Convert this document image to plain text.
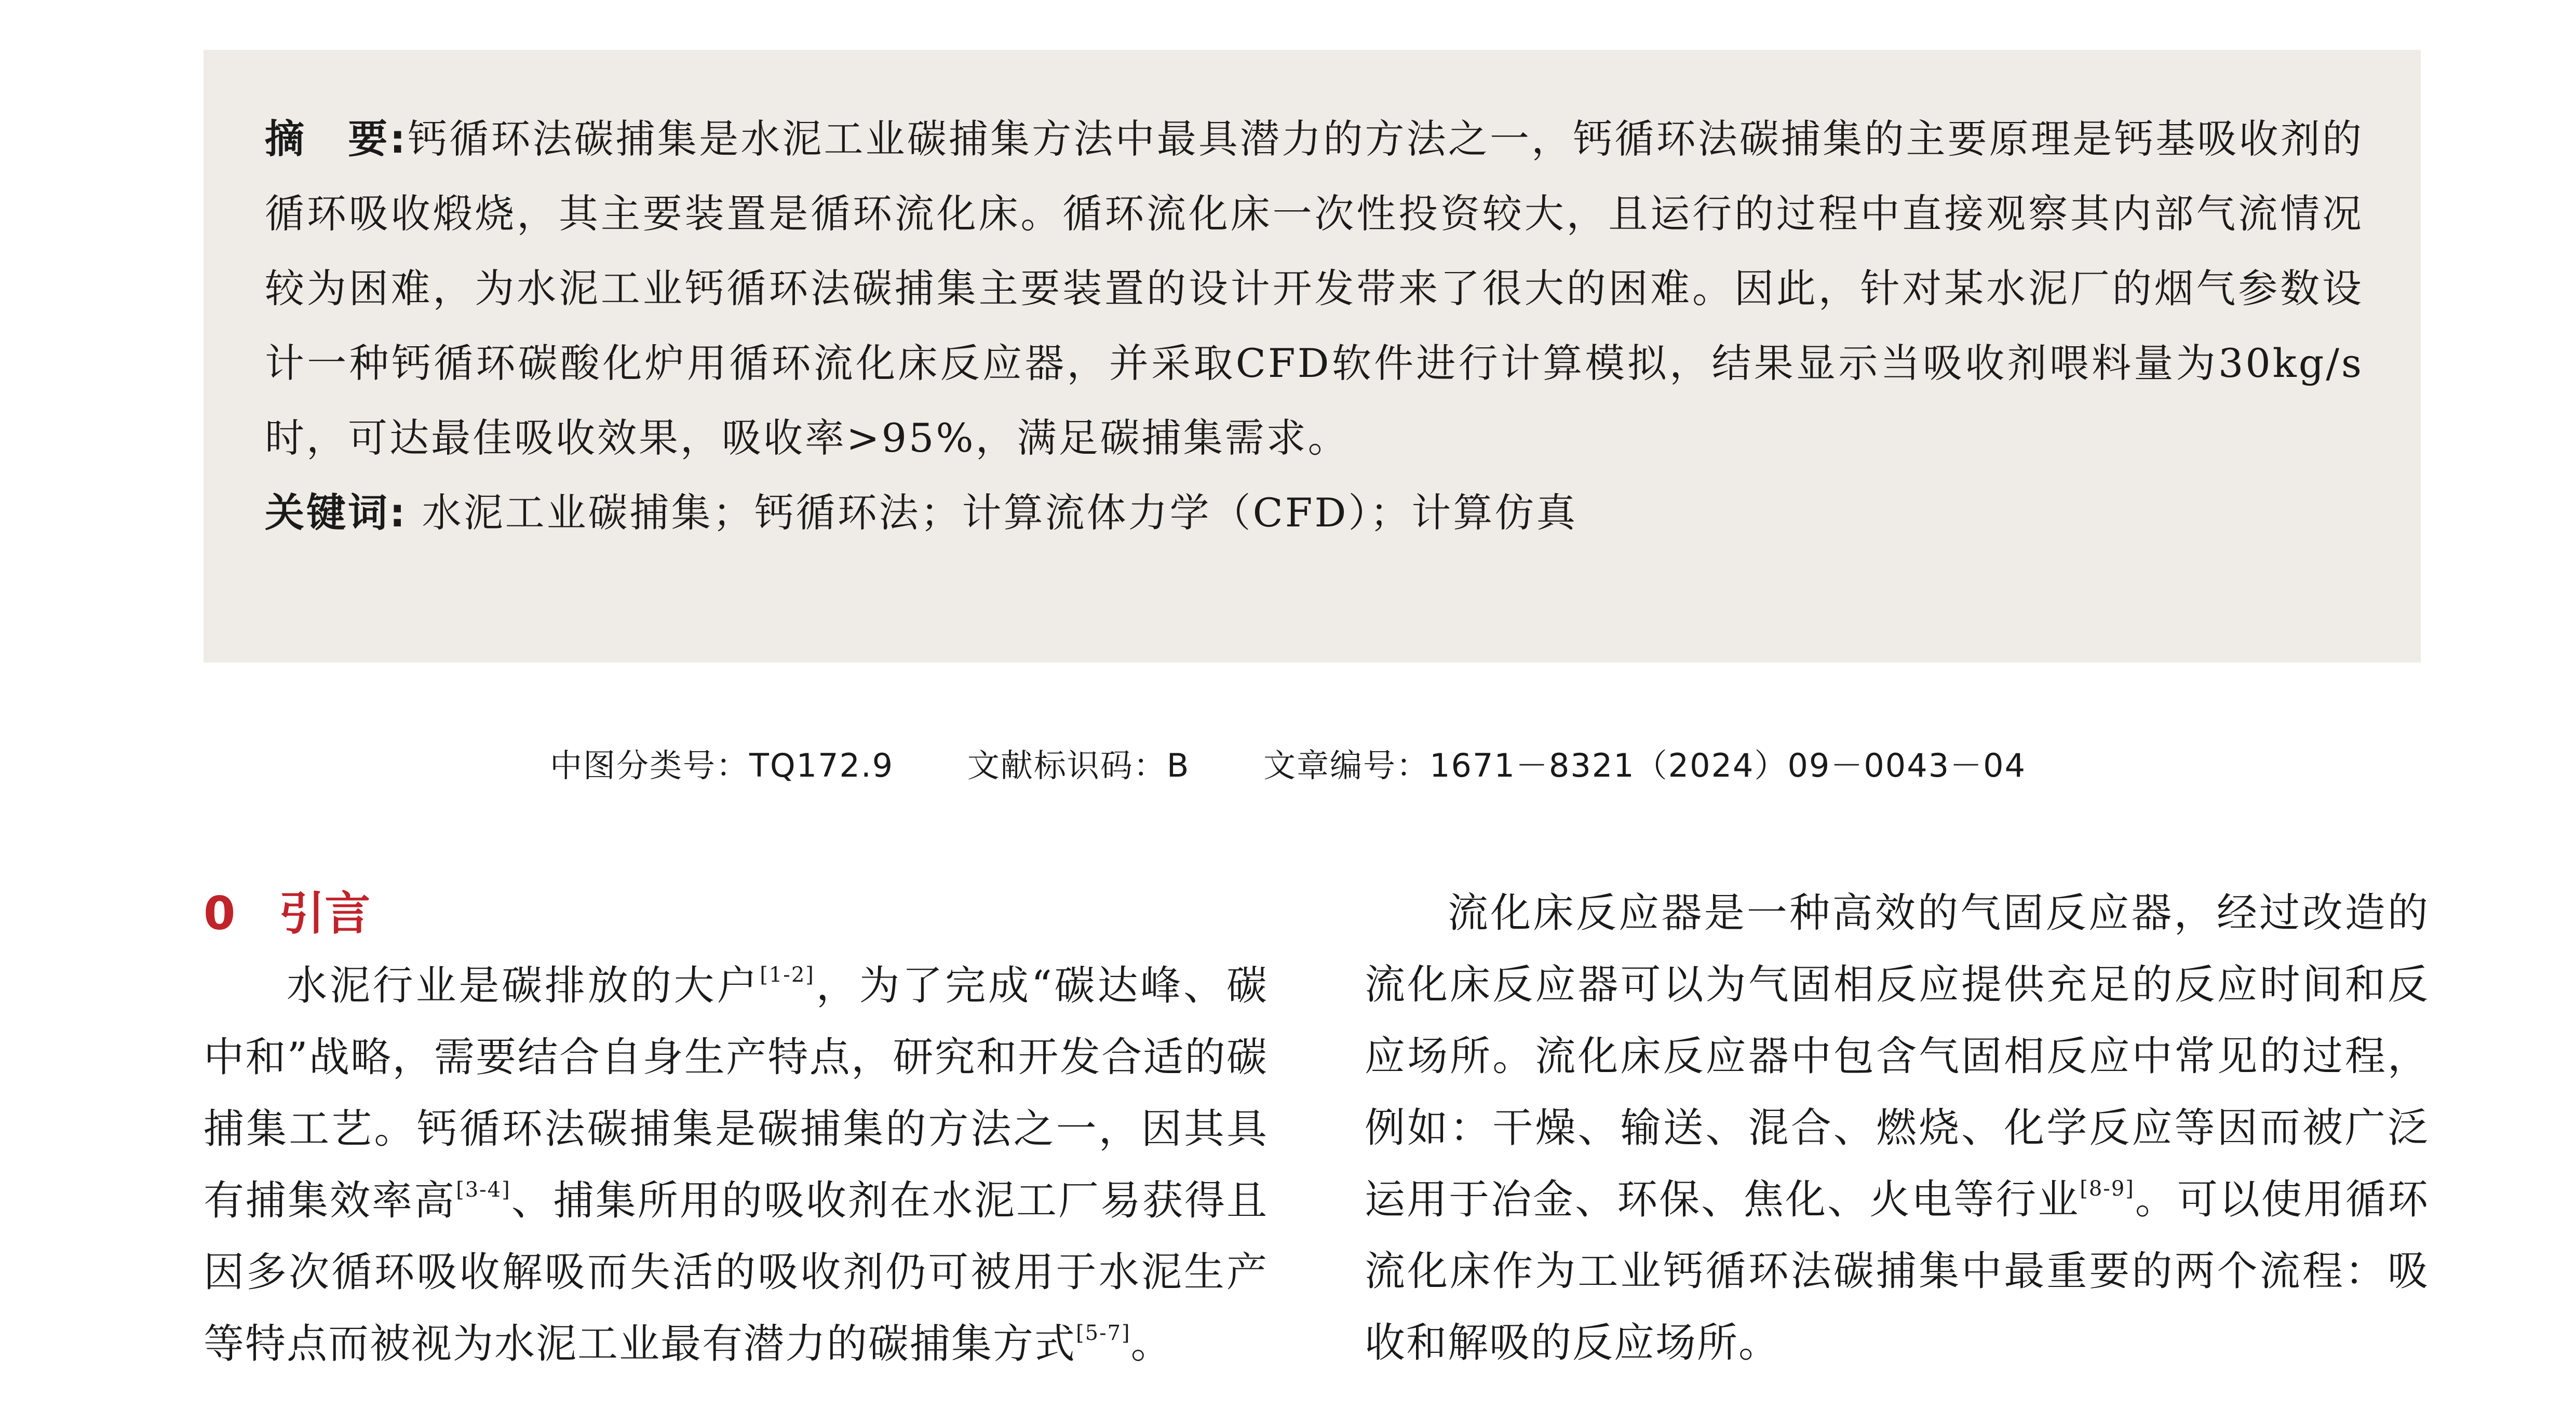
摘　要:钙循环法碳捕集是水泥工业碳捕集方法中最具潜力的方法之一，钙循环法碳捕集的主要原理是钙基吸收剂的循环吸收煅烧，其主要装置是循环流化床。循环流化床一次性投资较大，且运行的过程中直接观察其内部气流情况较为困难，为水泥工业钙循环法碳捕集主要装置的设计开发带来了很大的困难。因此，针对某水泥厂的烟气参数设计一种钙循环碳酸化炉用循环流化床反应器，并采取CFD软件进行计算模拟，结果显示当吸收剂喂料量为30kg/s时，可达最佳吸收效果，吸收率>95%，满足碳捕集需求。

关键词: 水泥工业碳捕集；钙循环法；计算流体力学（CFD）；计算仿真

中图分类号：TQ172.9 文献标识码：B 文章编号：1671－8321（2024）09－0043－04
0 引言

水泥行业是碳排放的大户[1-2]，为了完成“碳达峰、碳中和”战略，需要结合自身生产特点，研究和开发合适的碳捕集工艺。钙循环法碳捕集是碳捕集的方法之一，因其具有捕集效率高[3-4]、捕集所用的吸收剂在水泥工厂易获得且因多次循环吸收解吸而失活的吸收剂仍可被用于水泥生产等特点而被视为水泥工业最有潜力的碳捕集方式[5-7]。

流化床反应器是一种高效的气固反应器，经过改造的流化床反应器可以为气固相反应提供充足的反应时间和反应场所。流化床反应器中包含气固相反应中常见的过程，例如：干燥、输送、混合、燃烧、化学反应等因而被广泛运用于冶金、环保、焦化、火电等行业[8-9]。可以使用循环流化床作为工业钙循环法碳捕集中最重要的两个流程：吸收和解吸的反应场所。
